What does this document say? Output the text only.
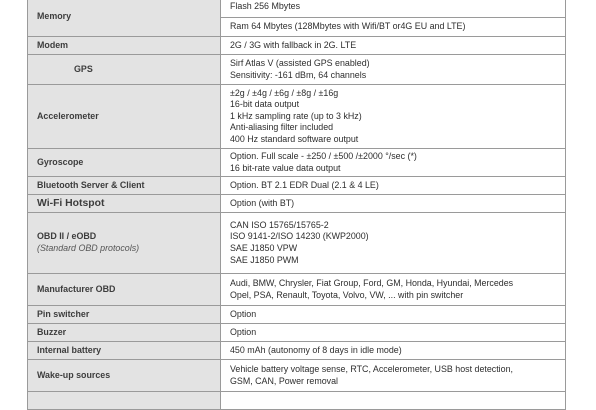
Memory	Flash 256 Mbytes

	Ram 64 Mbytes (128Mbytes with Wifi/BT or4G EU and LTE)

Modem	2G / 3G with fallback in 2G. LTE

GPS	Sirf Atlas V (assisted GPS enabled)
Sensitivity: -161 dBm, 64 channels

Accelerometer	±2g / ±4g / ±6g / ±8g / ±16g
16-bit data output
1 kHz sampling rate (up to 3 kHz)
Anti-aliasing filter included
400 Hz standard software output

Gyroscope	Option. Full scale - ±250 / ±500 /±2000 °/sec (*)
16 bit-rate value data output

Bluetooth Server & Client	Option. BT 2.1 EDR Dual (2.1 & 4 LE)

Wi-Fi Hotspot	Option (with BT)

OBD II / eOBD
(Standard OBD protocols)	CAN ISO 15765/15765-2
ISO 9141-2/ISO 14230 (KWP2000)
SAE J1850 VPW
SAE J1850 PWM

Manufacturer OBD	Audi, BMW, Chrysler, Fiat Group, Ford, GM, Honda, Hyundai, Mercedes
Opel, PSA, Renault, Toyota, Volvo, VW, ... with pin switcher

Pin switcher	Option

Buzzer	Option

Internal battery	450 mAh (autonomy of 8 days in idle mode)

Wake-up sources	Vehicle battery voltage sense, RTC, Accelerometer, USB host detection,
GSM, CAN, Power removal
